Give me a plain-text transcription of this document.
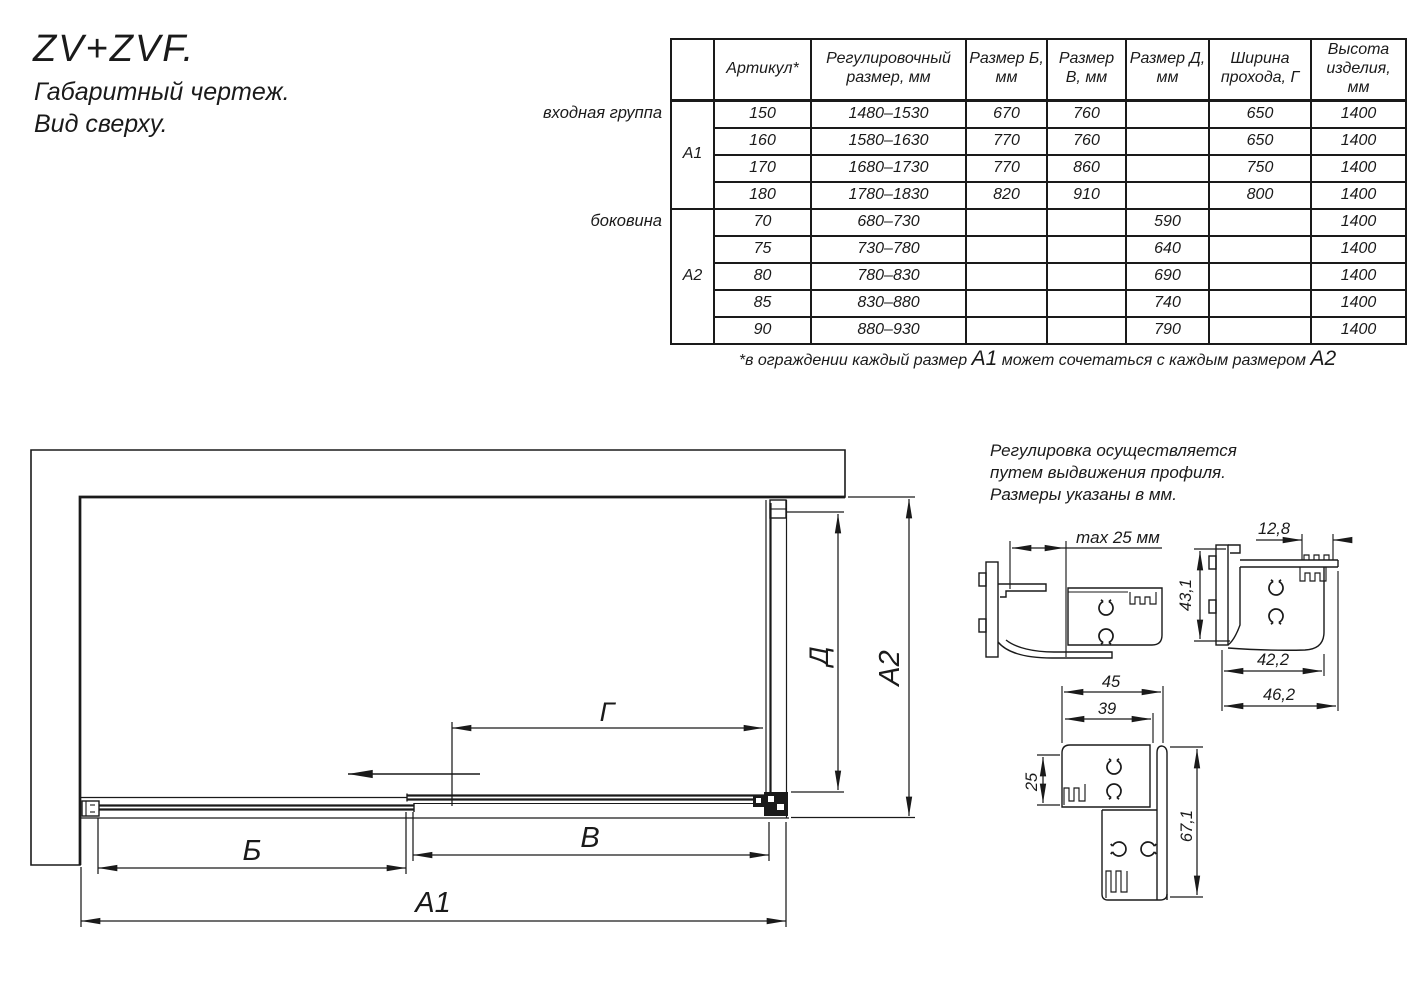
ZV+ZVF.
Габаритный чертеж.
Вид сверху.	входная группа
боковина
	Артикул*	Регулировочный размер, мм	Размер Б, мм	Размер В, мм	Размер Д, мм	Ширина прохода, Г	Высота изделия, мм
А1	150	1480–1530	670	760		650	1400
	160	1580–1630	770	760		650	1400
	170	1680–1730	770	860		750	1400
	180	1780–1830	820	910		800	1400
А2	70	680–730			590		1400
	75	730–780			640		1400
	80	780–830			690		1400
	85	830–880			740		1400
	90	880–930			790		1400
*в ограждении каждый размер А1 может сочетаться с каждым размером А2
Регулировка осуществляется
путем выдвижения профиля.
Размеры указаны в мм.
Б	В
А1
Г
Д А2
max 25 мм	12,8
43,1
42,2
46,2
45
39
25
67,1
